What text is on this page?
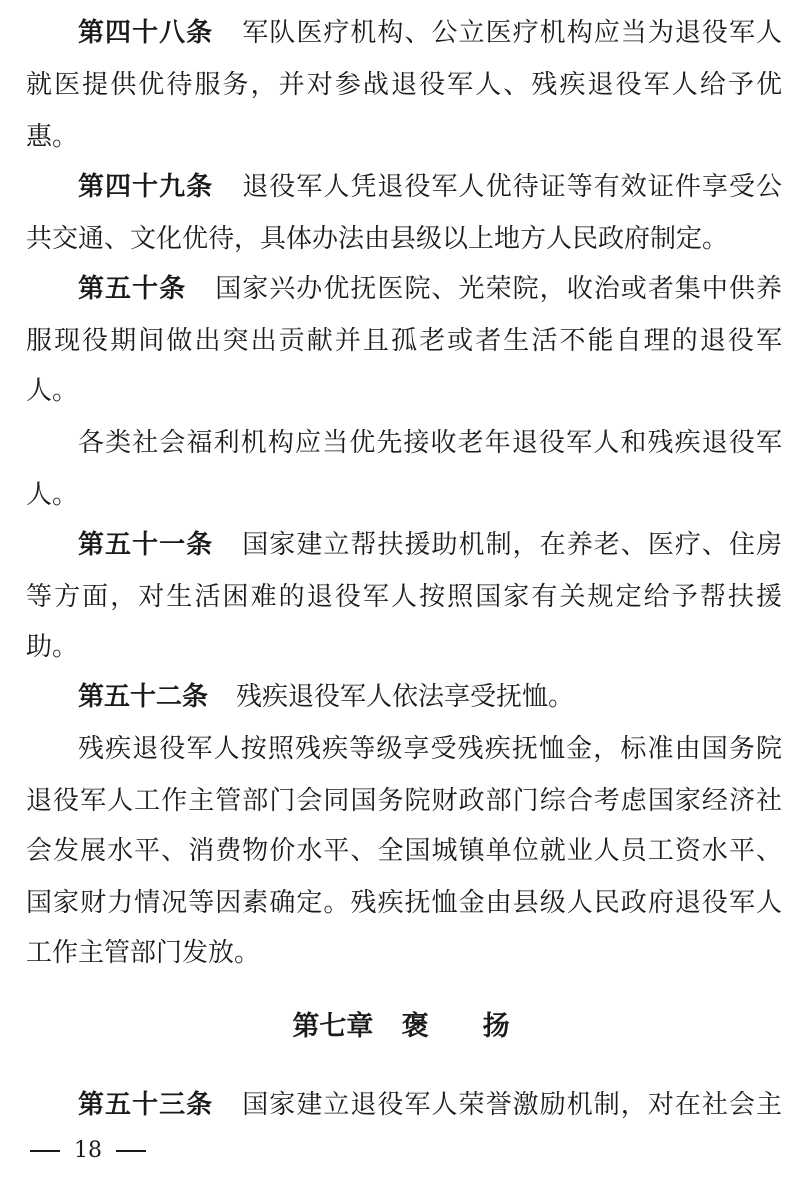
第四十八条 军队医疗机构、公立医疗机构应当为退役军人
就医提供优待服务，并对参战退役军人、残疾退役军人给予优
惠。
第四十九条 退役军人凭退役军人优待证等有效证件享受公
共交通、文化优待，具体办法由县级以上地方人民政府制定。
第五十条 国家兴办优抚医院、光荣院，收治或者集中供养
服现役期间做出突出贡献并且孤老或者生活不能自理的退役军
人。
各类社会福利机构应当优先接收老年退役军人和残疾退役军
人。
第五十一条 国家建立帮扶援助机制，在养老、医疗、住房
等方面，对生活困难的退役军人按照国家有关规定给予帮扶援
助。
第五十二条 残疾退役军人依法享受抚恤。
残疾退役军人按照残疾等级享受残疾抚恤金，标准由国务院
退役军人工作主管部门会同国务院财政部门综合考虑国家经济社
会发展水平、消费物价水平、全国城镇单位就业人员工资水平、
国家财力情况等因素确定。残疾抚恤金由县级人民政府退役军人
工作主管部门发放。
第七章 褒　　扬
第五十三条 国家建立退役军人荣誉激励机制，对在社会主
18
